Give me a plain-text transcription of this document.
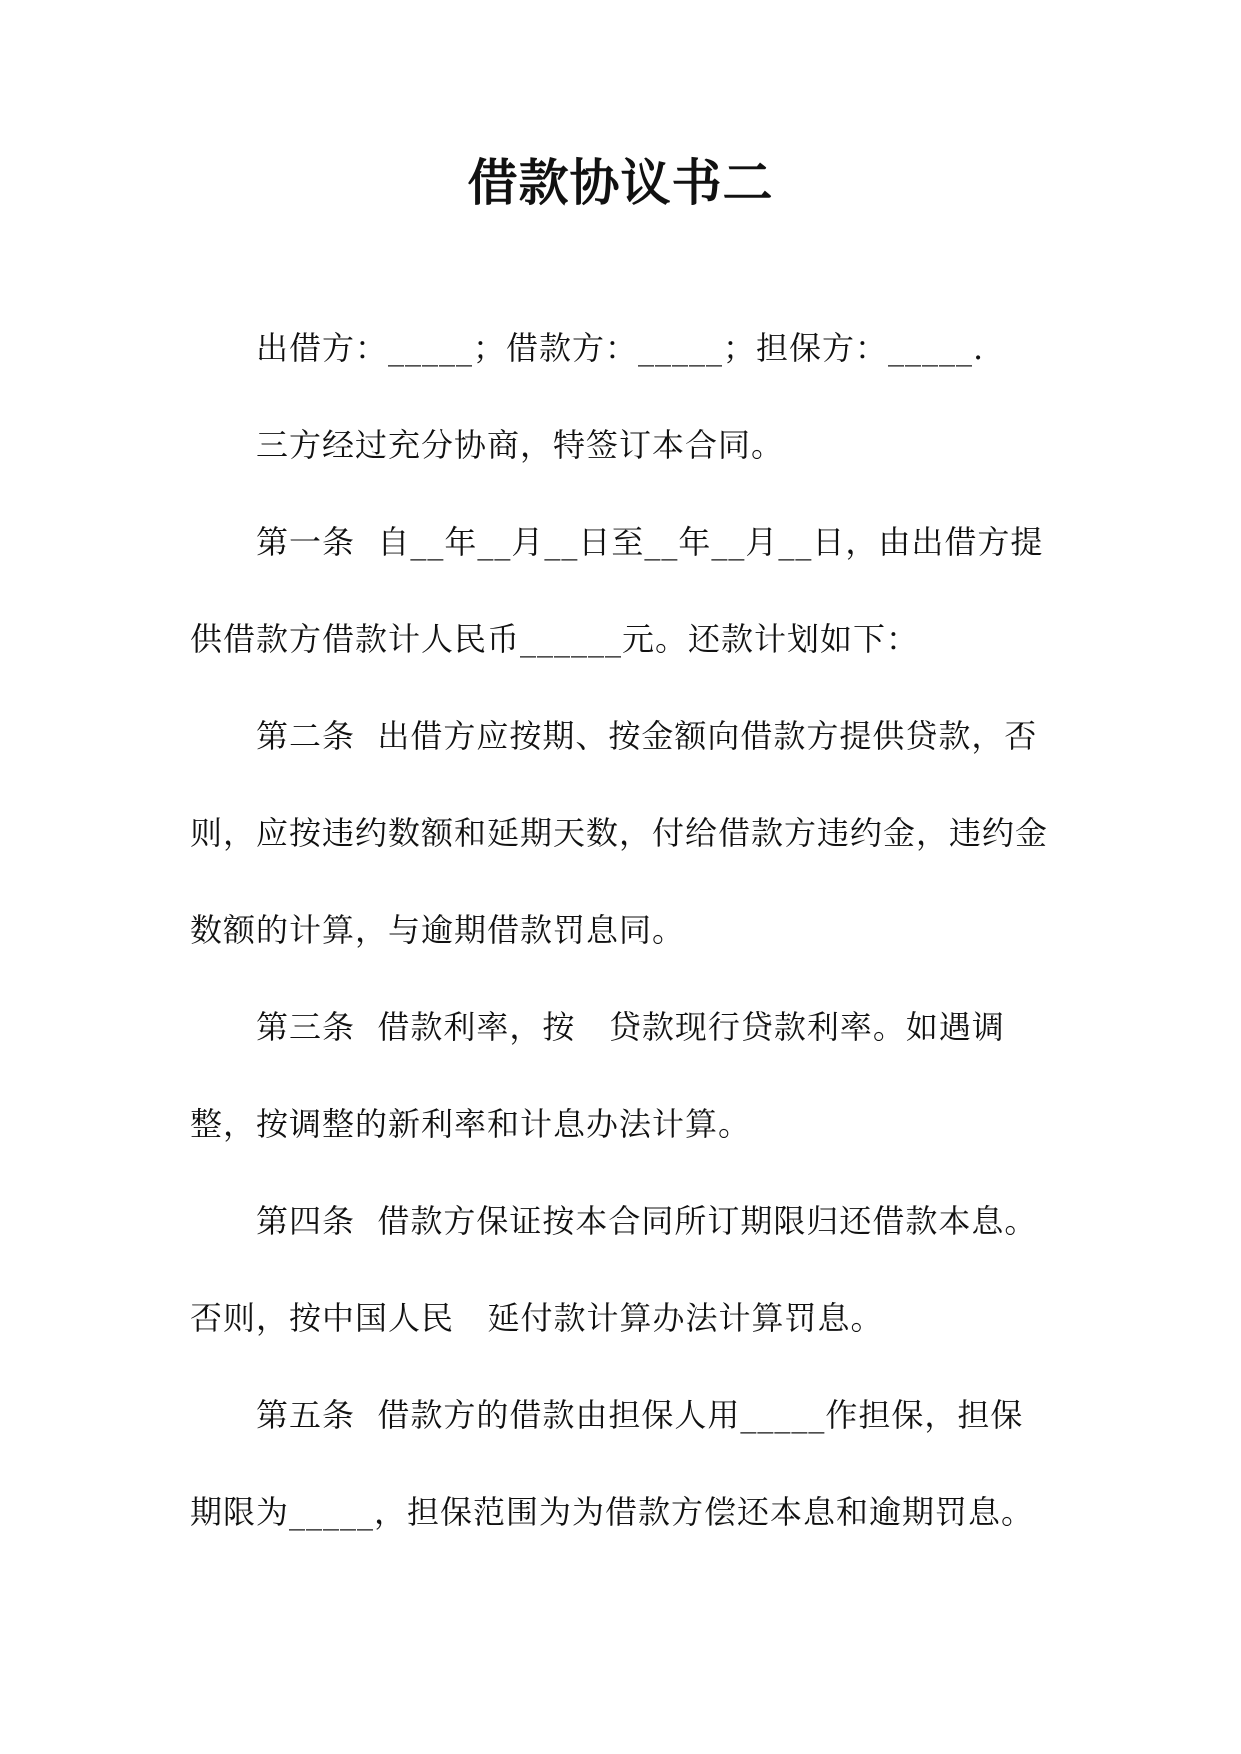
借款协议书二

出借方：_____；借款方：_____；担保方：_____.

三方经过充分协商，特签订本合同。

第一条  自__年__月__日至__年__月__日，由出借方提供借款方借款计人民币______元。还款计划如下：

第二条  出借方应按期、按金额向借款方提供贷款，否则，应按违约数额和延期天数，付给借款方违约金，违约金数额的计算，与逾期借款罚息同。

第三条  借款利率，按   贷款现行贷款利率。如遇调整，按调整的新利率和计息办法计算。

第四条  借款方保证按本合同所订期限归还借款本息。否则，按中国人民   延付款计算办法计算罚息。

第五条  借款方的借款由担保人用_____作担保，担保期限为_____，担保范围为为借款方偿还本息和逾期罚息。
